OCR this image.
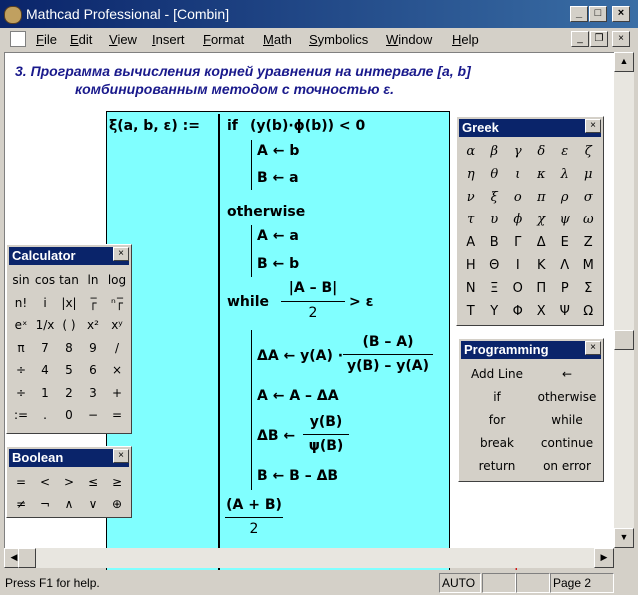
Mathcad Professional - [Combin]	_	□	×
File Edit View Insert Format Math Symbolics Window Help	_	❐	×
3. Программа вычисления корней уравнения на интервале [a, b]
комбинированным методом с точностью ε.
ξ(a, b, ε) := if (y(b)·ϕ(b)) < 0
A ← b
B ← a
otherwise
A ← a
B ← b
while
|A – B|
2
> ε
ΔA ← y(A) ·
(B – A)
y(B) – y(A)
A ← A – ΔA
ΔB ←
y(B)
ψ(B)
B ← B – ΔB
(A + B)
2
▲
▼
◀	▶
Press F1 for help.	AUTO	Page 2
Calculator	×
sin cos tan ln log
n!	i	|x|	┌̅	ⁿ┌̅
eˣ 1/x ( ) x²	xʸ
π	7	8	9	/
÷	4	5	6	×
÷	1	2	3	+
:=	.	0	−	=
Boolean	×
=	<	>	≤	≥
≠	¬	∧	∨	⊕
Greek	×
α	β	γ	δ	ε	ζ
η	θ	ι	κ	λ	μ
ν	ξ	ο	π	ρ	σ
τ	υ	ϕ	χ	ψ	ω
Α	Β	Γ	Δ	Ε	Ζ
Η	Θ	Ι	Κ	Λ	Μ
Ν	Ξ	Ο	Π	Ρ	Σ
Τ	Υ	Φ	Χ	Ψ	Ω
Programming	×
Add Line	←
if	otherwise
for	while
break	continue
return	on error
